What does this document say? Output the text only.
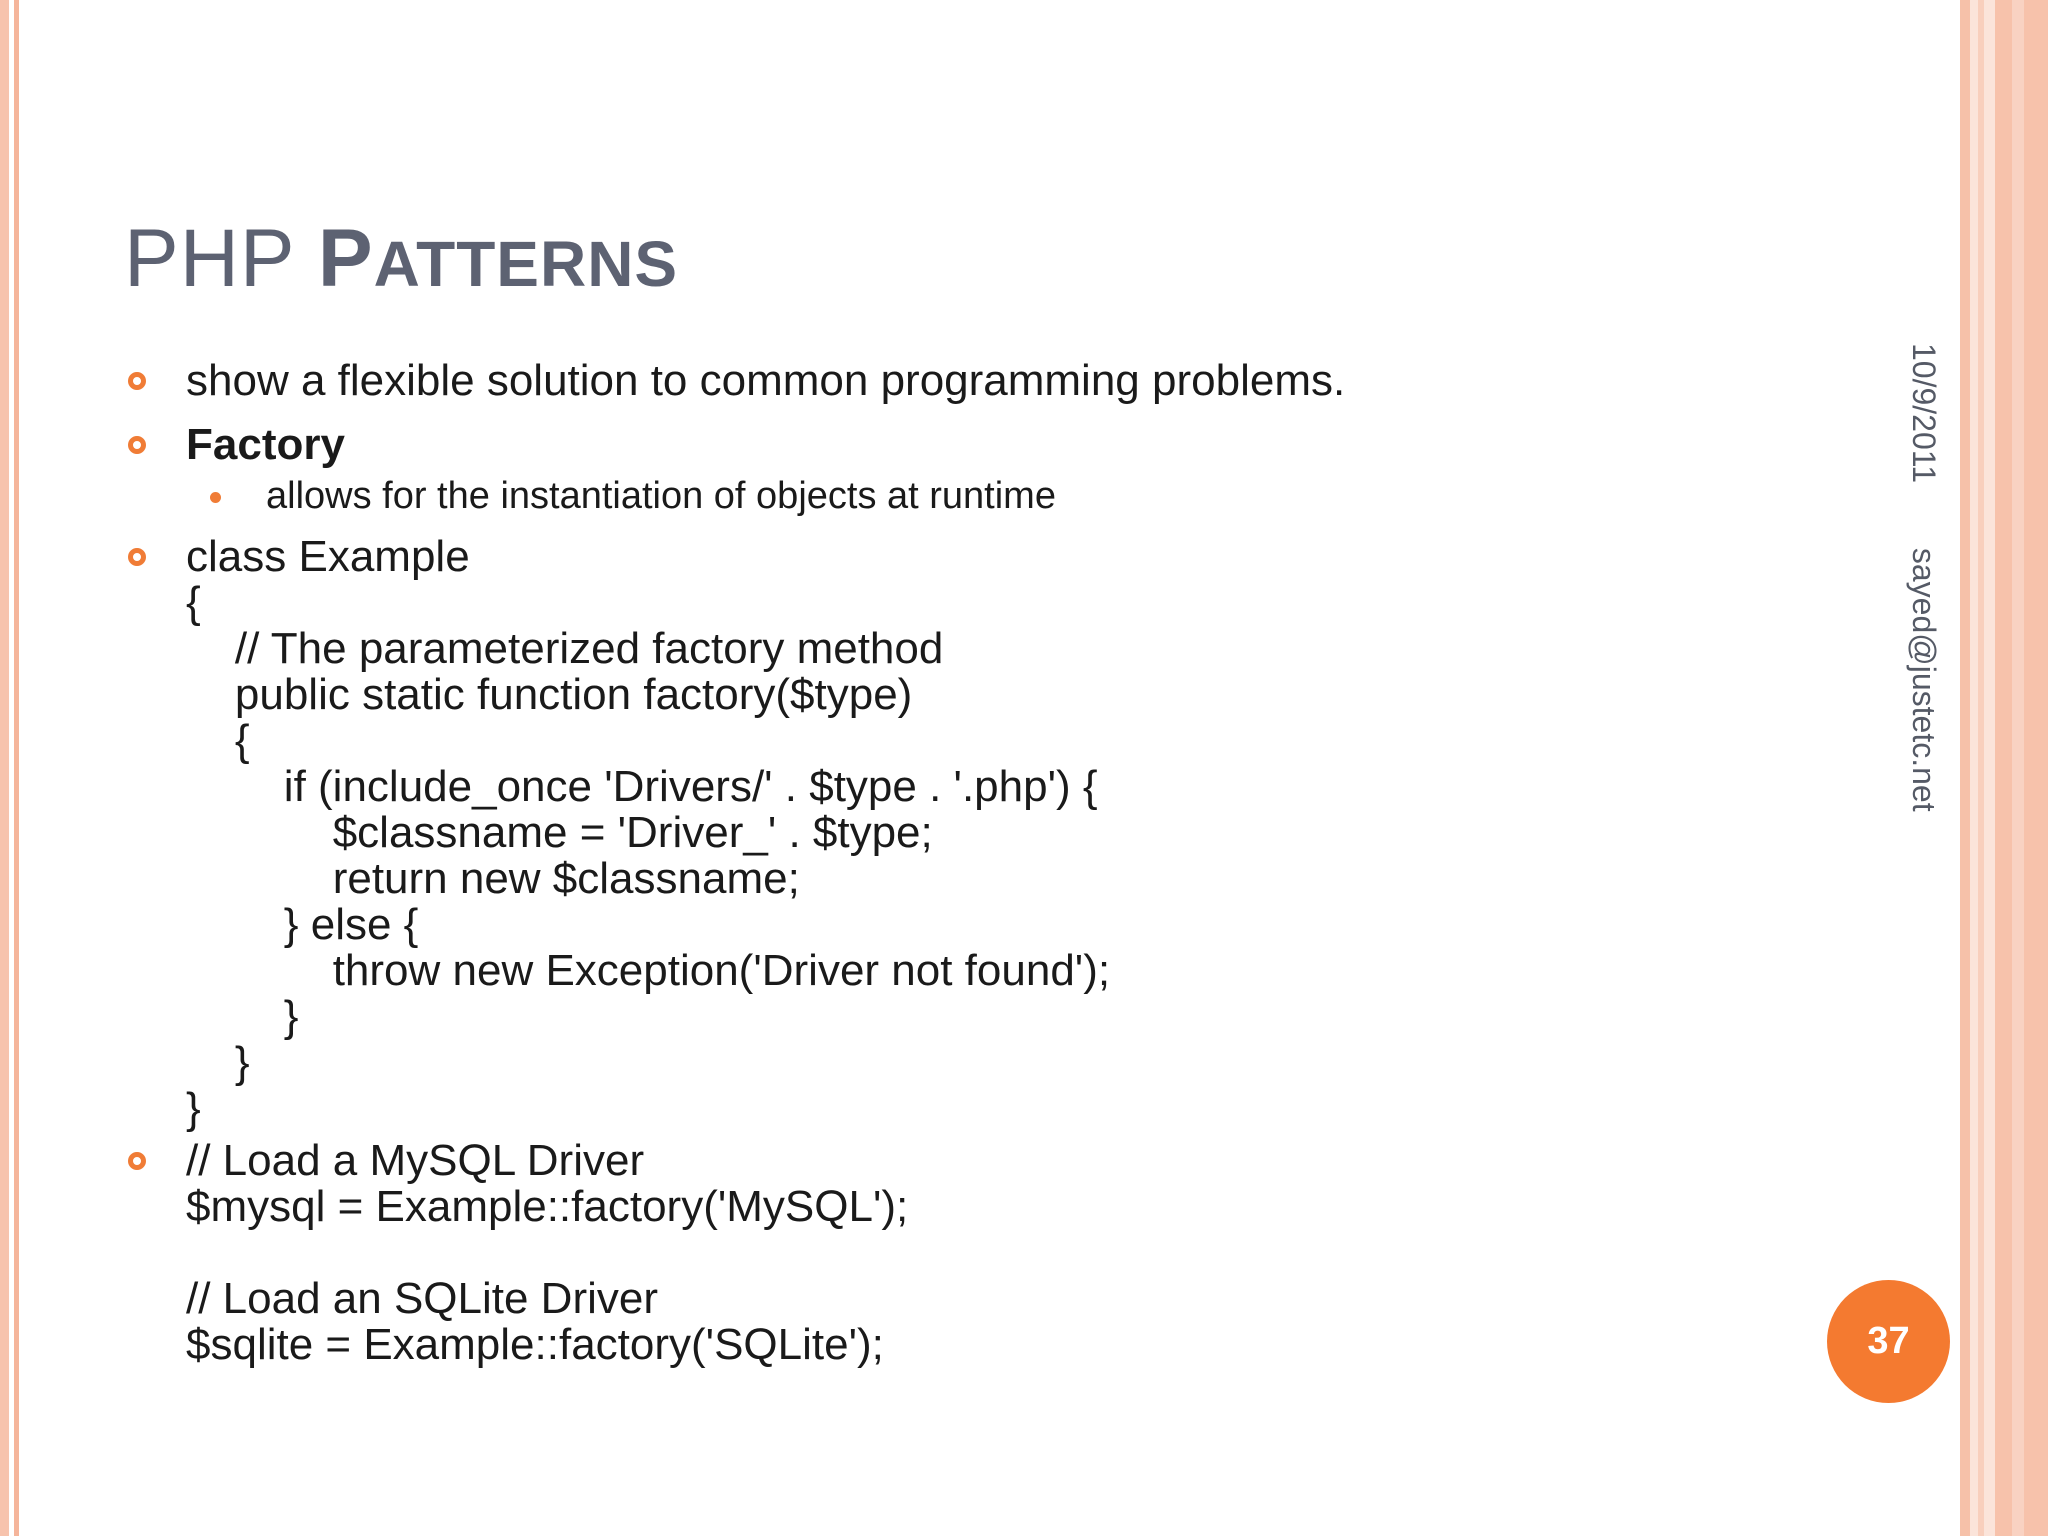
PHP PATTERNS
show a flexible solution to common programming problems.
Factory
allows for the instantiation of objects at runtime
class Example
{
// The parameterized factory method
public static function factory($type)
{
if (include_once 'Drivers/' . $type . '.php') {
$classname = 'Driver_' . $type;
return new $classname;
} else {
throw new Exception('Driver not found');
}
}
}
// Load a MySQL Driver
$mysql = Example::factory('MySQL');

// Load an SQLite Driver
$sqlite = Example::factory('SQLite');
10/9/2011 sayed@justetc.net
37
